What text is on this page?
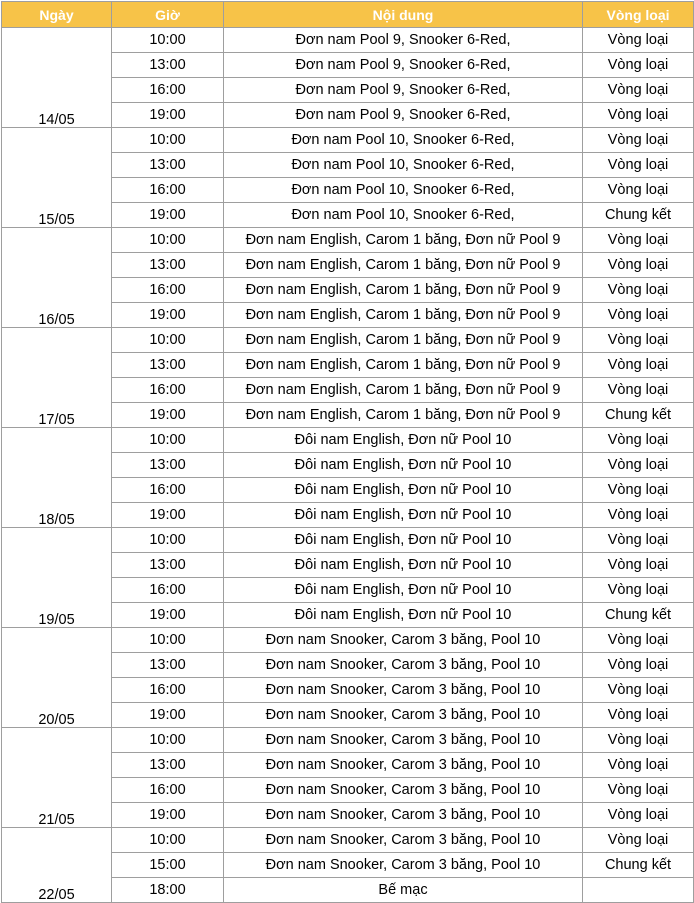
Ngày	Giờ	Nội dung	Vòng loại
14/05	10:00	Đơn nam Pool 9, Snooker 6-Red,	Vòng loại
	13:00	Đơn nam Pool 9, Snooker 6-Red,	Vòng loại
	16:00	Đơn nam Pool 9, Snooker 6-Red,	Vòng loại
	19:00	Đơn nam Pool 9, Snooker 6-Red,	Vòng loại
15/05	10:00	Đơn nam Pool 10, Snooker 6-Red,	Vòng loại
	13:00	Đơn nam Pool 10, Snooker 6-Red,	Vòng loại
	16:00	Đơn nam Pool 10, Snooker 6-Red,	Vòng loại
	19:00	Đơn nam Pool 10, Snooker 6-Red,	Chung kết
16/05	10:00	Đơn nam English, Carom 1 băng, Đơn nữ Pool 9	Vòng loại
	13:00	Đơn nam English, Carom 1 băng, Đơn nữ Pool 9	Vòng loại
	16:00	Đơn nam English, Carom 1 băng, Đơn nữ Pool 9	Vòng loại
	19:00	Đơn nam English, Carom 1 băng, Đơn nữ Pool 9	Vòng loại
17/05	10:00	Đơn nam English, Carom 1 băng, Đơn nữ Pool 9	Vòng loại
	13:00	Đơn nam English, Carom 1 băng, Đơn nữ Pool 9	Vòng loại
	16:00	Đơn nam English, Carom 1 băng, Đơn nữ Pool 9	Vòng loại
	19:00	Đơn nam English, Carom 1 băng, Đơn nữ Pool 9	Chung kết
18/05	10:00	Đôi nam English, Đơn nữ Pool 10	Vòng loại
	13:00	Đôi nam English, Đơn nữ Pool 10	Vòng loại
	16:00	Đôi nam English, Đơn nữ Pool 10	Vòng loại
	19:00	Đôi nam English, Đơn nữ Pool 10	Vòng loại
19/05	10:00	Đôi nam English, Đơn nữ Pool 10	Vòng loại
	13:00	Đôi nam English, Đơn nữ Pool 10	Vòng loại
	16:00	Đôi nam English, Đơn nữ Pool 10	Vòng loại
	19:00	Đôi nam English, Đơn nữ Pool 10	Chung kết
20/05	10:00	Đơn nam Snooker, Carom 3 băng, Pool 10	Vòng loại
	13:00	Đơn nam Snooker, Carom 3 băng, Pool 10	Vòng loại
	16:00	Đơn nam Snooker, Carom 3 băng, Pool 10	Vòng loại
	19:00	Đơn nam Snooker, Carom 3 băng, Pool 10	Vòng loại
21/05	10:00	Đơn nam Snooker, Carom 3 băng, Pool 10	Vòng loại
	13:00	Đơn nam Snooker, Carom 3 băng, Pool 10	Vòng loại
	16:00	Đơn nam Snooker, Carom 3 băng, Pool 10	Vòng loại
	19:00	Đơn nam Snooker, Carom 3 băng, Pool 10	Vòng loại
22/05	10:00	Đơn nam Snooker, Carom 3 băng, Pool 10	Vòng loại
	15:00	Đơn nam Snooker, Carom 3 băng, Pool 10	Chung kết
	18:00	Bế mạc	
